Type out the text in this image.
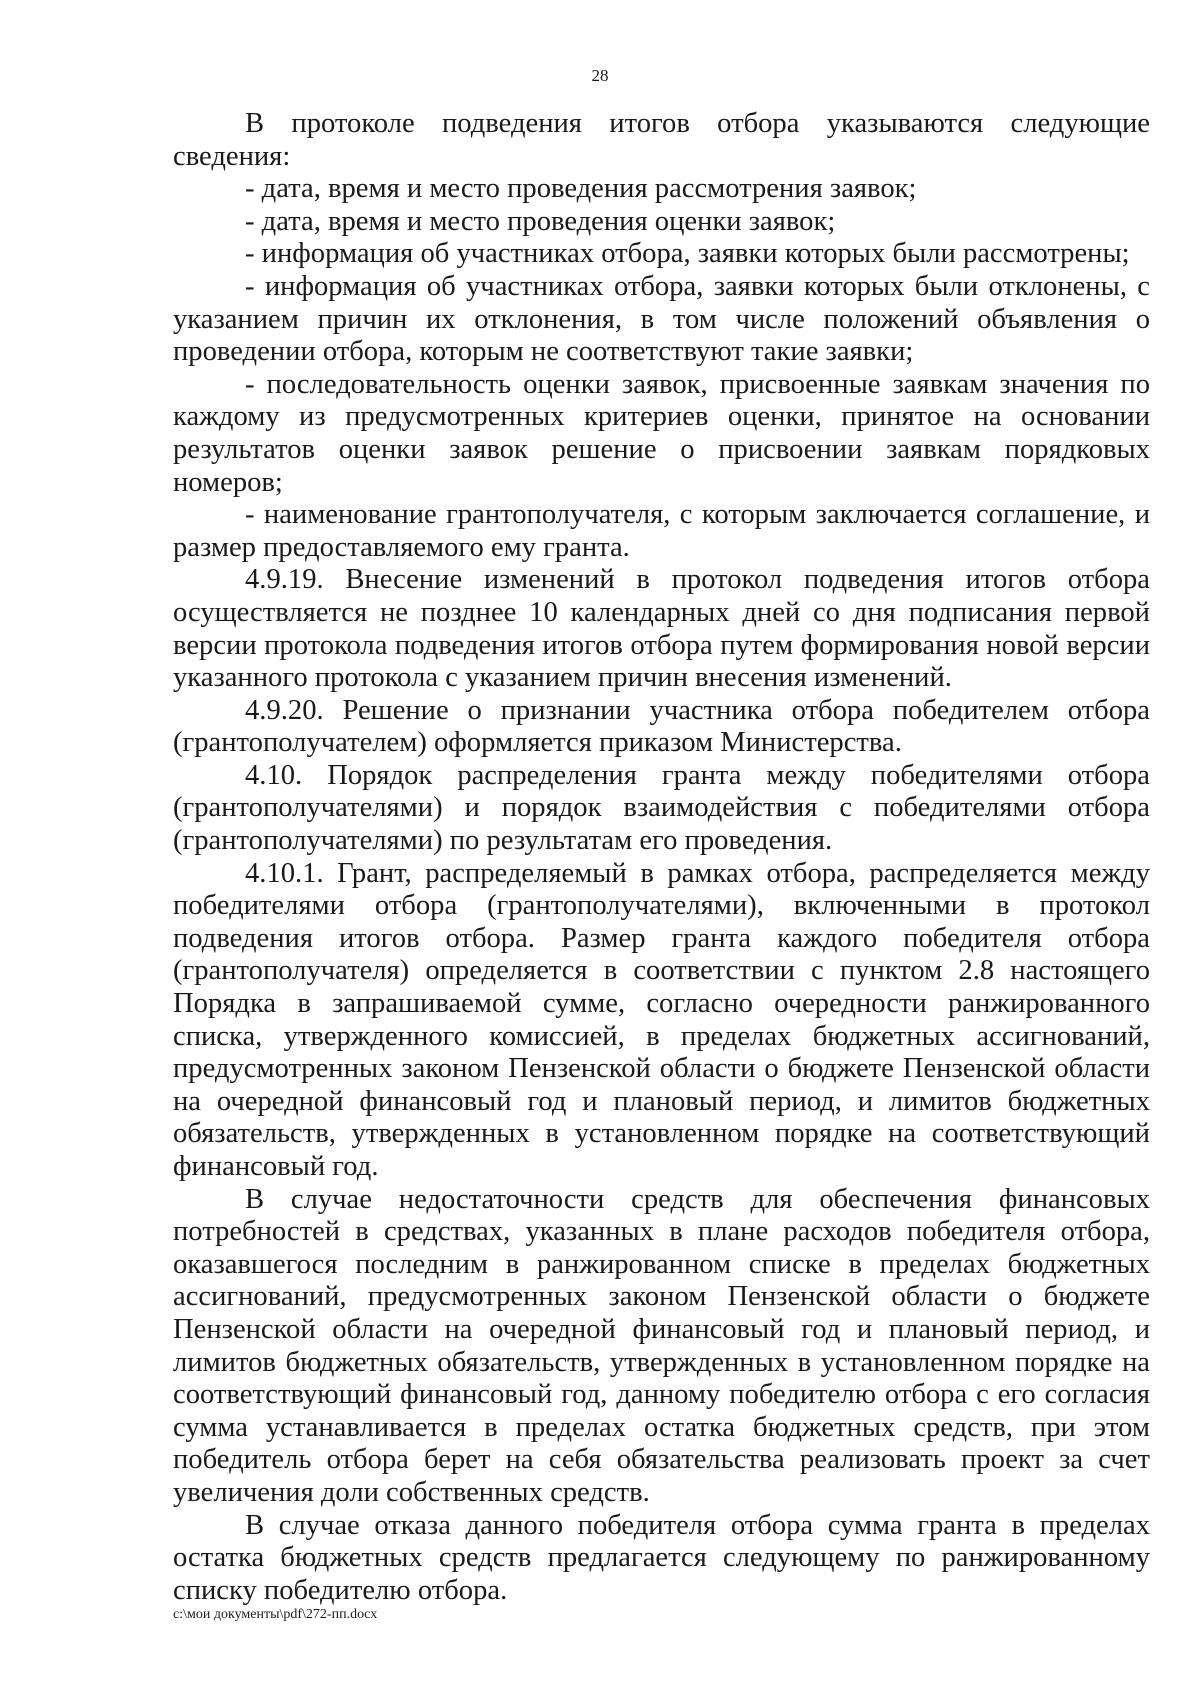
28

В протоколе подведения итогов отбора указываются следующие сведения:

- дата, время и место проведения рассмотрения заявок;

- дата, время и место проведения оценки заявок;

- информация об участниках отбора, заявки которых были рассмотрены;

- информация об участниках отбора, заявки которых были отклонены, с указанием причин их отклонения, в том числе положений объявления о проведении отбора, которым не соответствуют такие заявки;

- последовательность оценки заявок, присвоенные заявкам значения по каждому из предусмотренных критериев оценки, принятое на основании результатов оценки заявок решение о присвоении заявкам порядковых номеров;

- наименование грантополучателя, с которым заключается соглашение, и размер предоставляемого ему гранта.

4.9.19. Внесение изменений в протокол подведения итогов отбора осуществляется не позднее 10 календарных дней со дня подписания первой версии протокола подведения итогов отбора путем формирования новой версии указанного протокола с указанием причин внесения изменений.

4.9.20. Решение о признании участника отбора победителем отбора (грантополучателем) оформляется приказом Министерства.

4.10. Порядок распределения гранта между победителями отбора (грантополучателями) и порядок взаимодействия с победителями отбора (грантополучателями) по результатам его проведения.

4.10.1. Грант, распределяемый в рамках отбора, распределяется между победителями отбора (грантополучателями), включенными в протокол подведения итогов отбора. Размер гранта каждого победителя отбора (грантополучателя) определяется в соответствии с пунктом 2.8 настоящего Порядка в запрашиваемой сумме, согласно очередности ранжированного списка, утвержденного комиссией, в пределах бюджетных ассигнований, предусмотренных законом Пензенской области о бюджете Пензенской области на очередной финансовый год и плановый период, и лимитов бюджетных обязательств, утвержденных в установленном порядке на соответствующий финансовый год.

В случае недостаточности средств для обеспечения финансовых потребностей в средствах, указанных в плане расходов победителя отбора, оказавшегося последним в ранжированном списке в пределах бюджетных ассигнований, предусмотренных законом Пензенской области о бюджете Пензенской области на очередной финансовый год и плановый период, и лимитов бюджетных обязательств, утвержденных в установленном порядке на соответствующий финансовый год, данному победителю отбора с его согласия сумма устанавливается в пределах остатка бюджетных средств, при этом победитель отбора берет на себя обязательства реализовать проект за счет увеличения доли собственных средств.

В случае отказа данного победителя отбора сумма гранта в пределах остатка бюджетных средств предлагается следующему по ранжированному списку победителю отбора.

c:\мои документы\pdf\272-пп.docx
